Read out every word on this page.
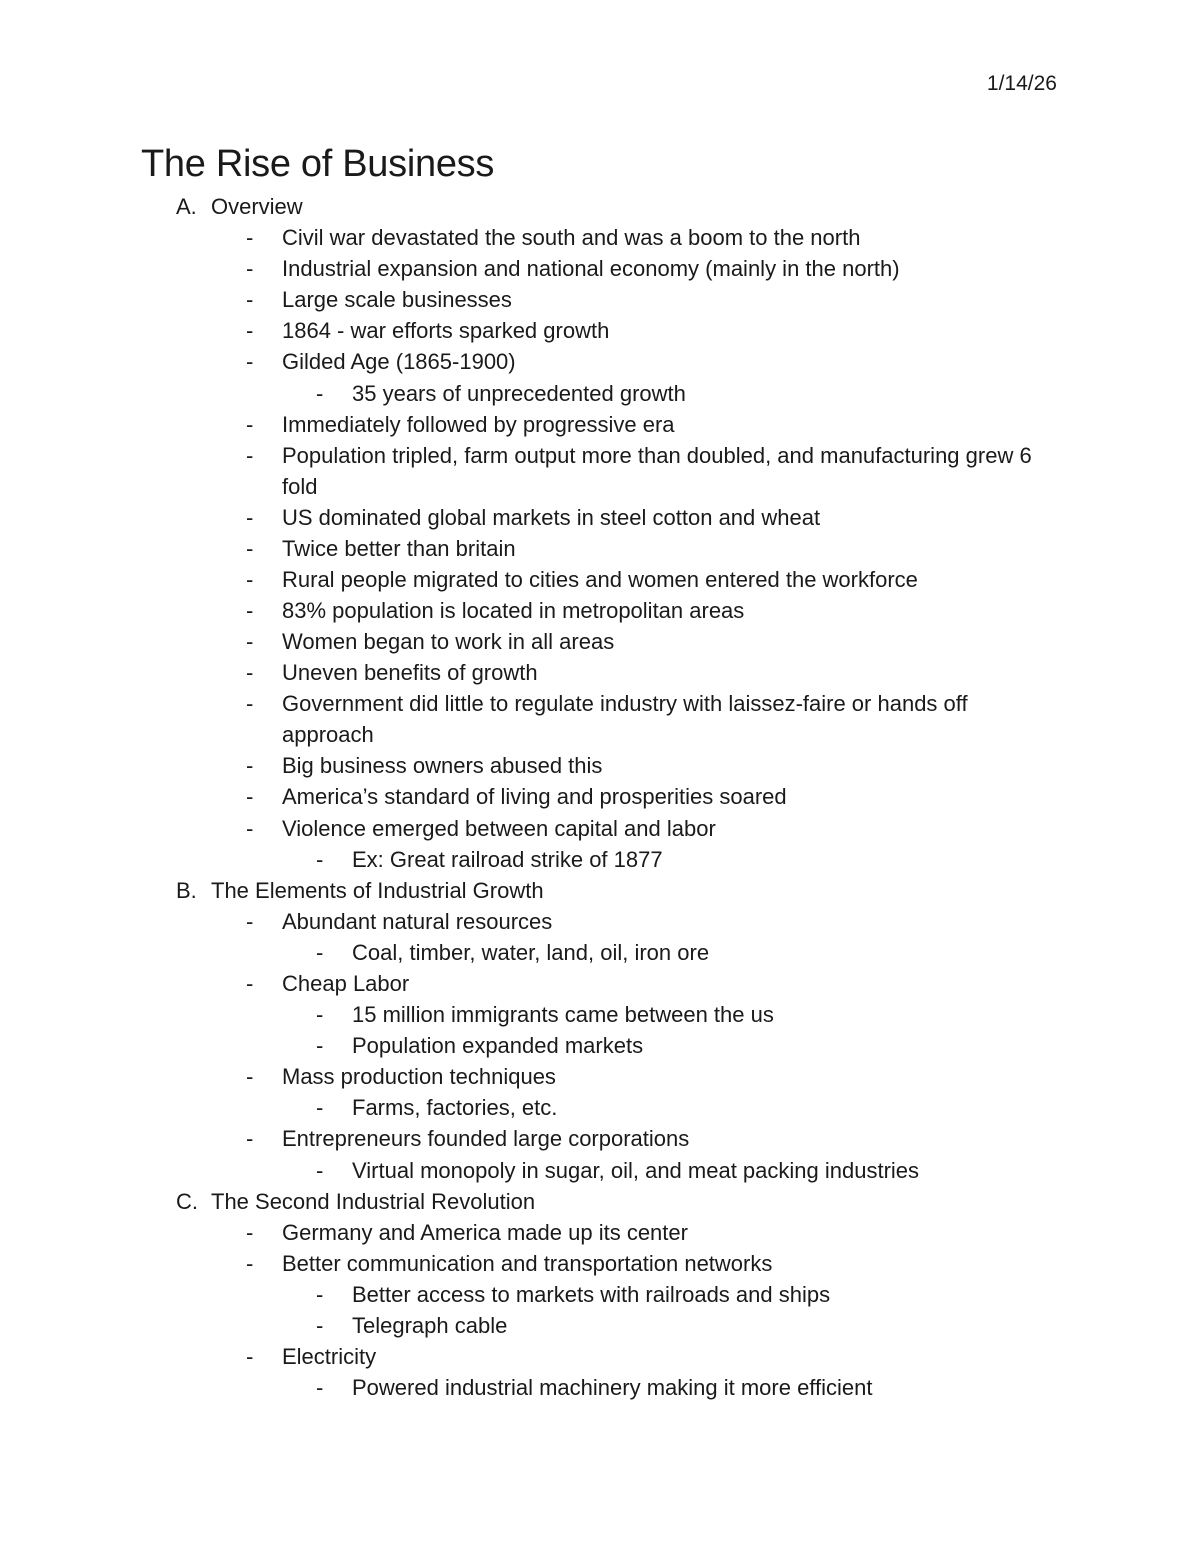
1/14/26
The Rise of Business
A. Overview
- Civil war devastated the south and was a boom to the north
- Industrial expansion and national economy (mainly in the north)
- Large scale businesses
- 1864 - war efforts sparked growth
- Gilded Age (1865-1900)
- 35 years of unprecedented growth
- Immediately followed by progressive era
- Population tripled, farm output more than doubled, and manufacturing grew 6 fold
- US dominated global markets in steel cotton and wheat
- Twice better than britain
- Rural people migrated to cities and women entered the workforce
- 83% population is located in metropolitan areas
- Women began to work in all areas
- Uneven benefits of growth
- Government did little to regulate industry with laissez-faire or hands off approach
- Big business owners abused this
- America’s standard of living and prosperities soared
- Violence emerged between capital and labor
- Ex: Great railroad strike of 1877
B. The Elements of Industrial Growth
- Abundant natural resources
- Coal, timber, water, land, oil, iron ore
- Cheap Labor
- 15 million immigrants came between the us
- Population expanded markets
- Mass production techniques
- Farms, factories, etc.
- Entrepreneurs founded large corporations
- Virtual monopoly in sugar, oil, and meat packing industries
C. The Second Industrial Revolution
- Germany and America made up its center
- Better communication and transportation networks
- Better access to markets with railroads and ships
- Telegraph cable
- Electricity
- Powered industrial machinery making it more efficient
